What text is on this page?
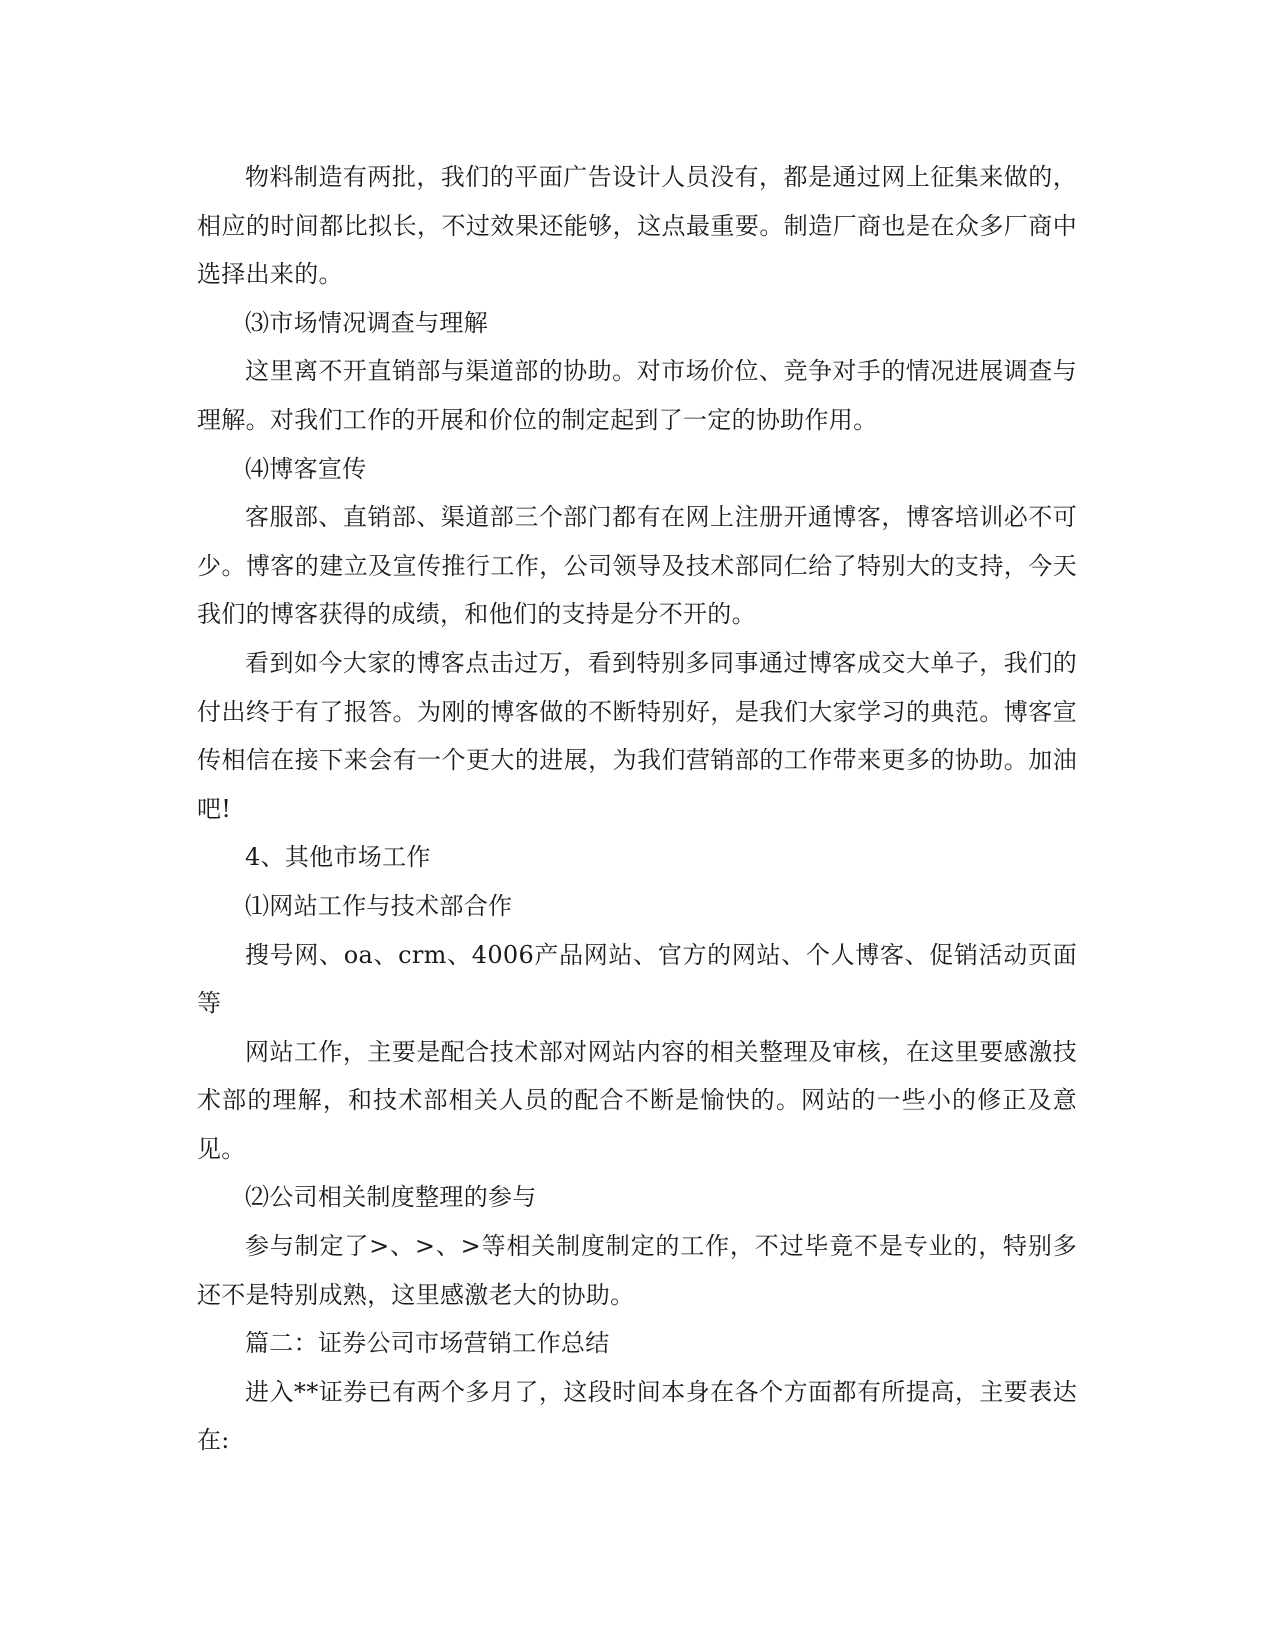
物料制造有两批，我们的平面广告设计人员没有，都是通过网上征集来做的，相应的时间都比拟长，不过效果还能够，这点最重要。制造厂商也是在众多厂商中选择出来的。

⑶市场情况调查与理解

这里离不开直销部与渠道部的协助。对市场价位、竞争对手的情况进展调查与理解。对我们工作的开展和价位的制定起到了一定的协助作用。

⑷博客宣传

客服部、直销部、渠道部三个部门都有在网上注册开通博客，博客培训必不可少。博客的建立及宣传推行工作，公司领导及技术部同仁给了特别大的支持，今天我们的博客获得的成绩，和他们的支持是分不开的。

看到如今大家的博客点击过万，看到特别多同事通过博客成交大单子，我们的付出终于有了报答。为刚的博客做的不断特别好，是我们大家学习的典范。博客宣传相信在接下来会有一个更大的进展，为我们营销部的工作带来更多的协助。加油吧!

4、其他市场工作

⑴网站工作与技术部合作

搜号网、oa、crm、4006产品网站、官方的网站、个人博客、促销活动页面等

网站工作，主要是配合技术部对网站内容的相关整理及审核，在这里要感激技术部的理解，和技术部相关人员的配合不断是愉快的。网站的一些小的修正及意见。

⑵公司相关制度整理的参与

参与制定了>、>、>等相关制度制定的工作，不过毕竟不是专业的，特别多还不是特别成熟，这里感激老大的协助。

篇二：证券公司市场营销工作总结

进入**证券已有两个多月了，这段时间本身在各个方面都有所提高，主要表达在:
